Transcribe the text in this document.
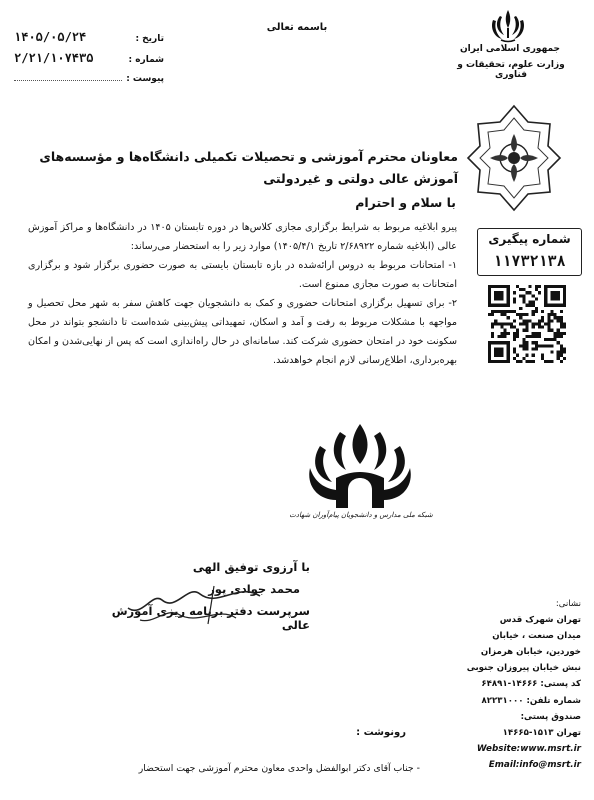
۱۴۰۵/۰۵/۲۴	تاریخ :
۲/۲۱/۱۰۷۴۳۵	شماره :
پیوست :
باسمه تعالی
جمهوری اسلامی ایران
وزارت علوم، تحقیقات و فناوری
شماره پیگیری
۱۱۷۳۲۱۳۸
معاونان محترم آموزشی و تحصیلات تکمیلی دانشگاه‌ها و مؤسسه‌های آموزش عالی دولتی و غیردولتی
با سلام و احترام

پیرو ابلاغیه مربوط به شرایط برگزاری مجازی کلاس‌ها در دوره تابستان ۱۴۰۵ در دانشگاه‌ها و مراکز آموزش عالی (ابلاغیه شماره ۲/۶۸۹۲۲ تاریخ ۱۴۰۵/۴/۱) موارد زیر را به استحضار می‌رساند:

۱- امتحانات مربوط به دروس ارائه‌شده در بازه تابستان بایستی به صورت حضوری برگزار شود و برگزاری امتحانات به صورت مجازی ممنوع است.

۲- برای تسهیل برگزاری امتحانات حضوری و کمک به دانشجویان جهت کاهش سفر به شهر محل تحصیل و مواجهه با مشکلات مربوط به رفت و آمد و اسکان، تمهیداتی پیش‌بینی شده‌است تا دانشجو بتواند در محل سکونت خود در امتحان حضوری شرکت کند. سامانه‌ای در حال راه‌اندازی است که پس از نهایی‌شدن و امکان بهره‌برداری، اطلاع‌رسانی لازم انجام خواهدشد.

شبکه ملی مدارس و دانشجویان پیام‌آوران شهادت
با آرزوی توفیق الهی
محمد جوادی پور
سرپرست دفتر برنامه ریزی آموزش عالی
نشانی:
تهران شهرک قدس
میدان صنعت ، خیابان
خوردین، خیابان هرمزان
نبش خیابان پیروزان جنوبی
کد پستی: ۱۴۶۶۶-۶۴۸۹۱
شماره تلفن: ۸۲۲۳۱۰۰۰
صندوق پستی:
تهران ۱۵۱۳-۱۴۶۶۵
Website:www.msrt.ir
Email:info@msrt.ir
رونوشت :
- جناب آقای دکتر ابوالفضل واحدی معاون محترم آموزشی جهت استحضار
